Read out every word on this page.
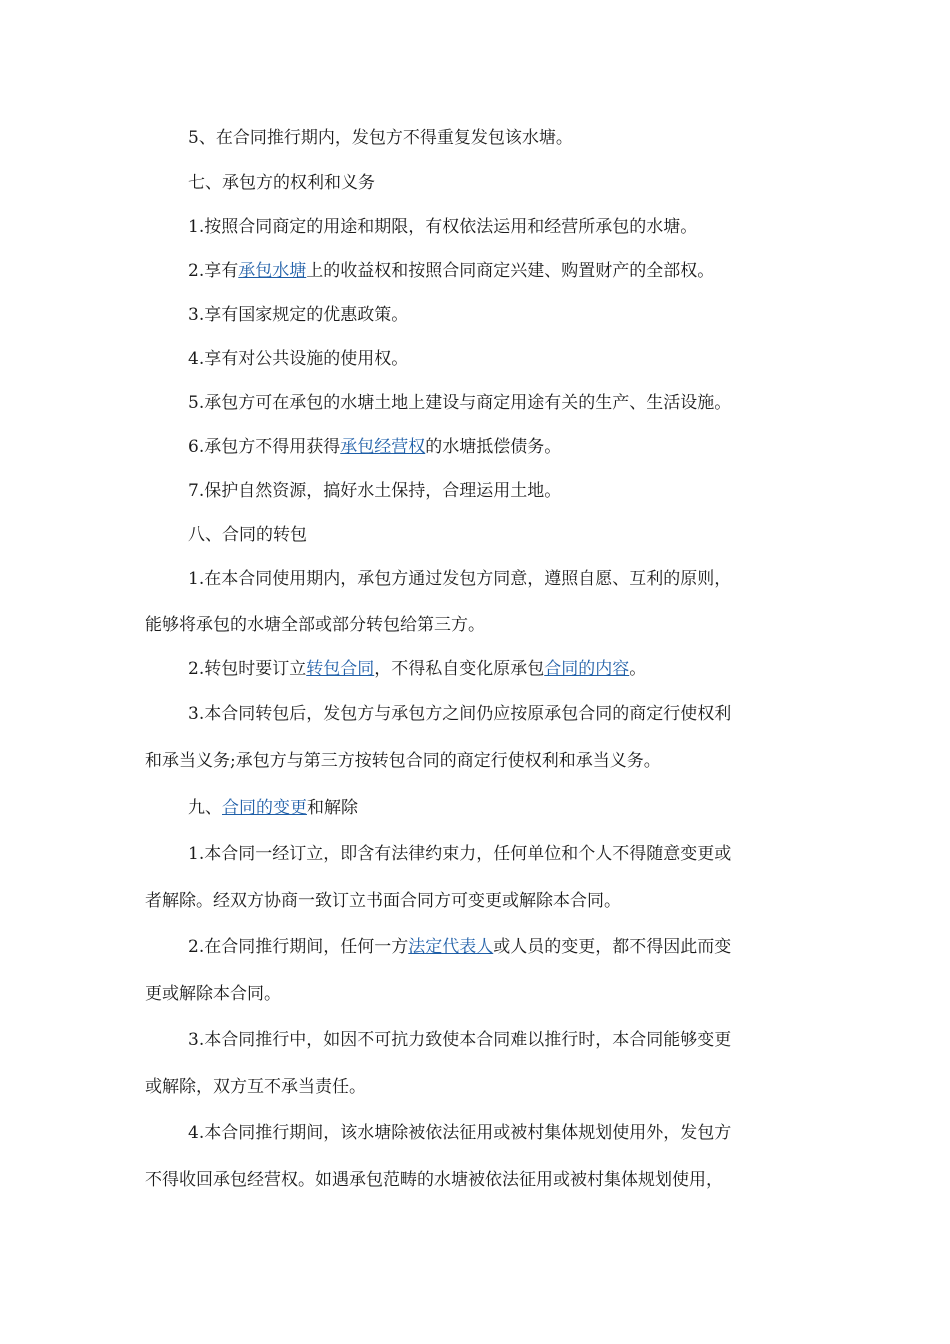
5、在合同推行期内，发包方不得重复发包该水塘。
七、承包方的权利和义务
1.按照合同商定的用途和期限，有权依法运用和经营所承包的水塘。
2.享有承包水塘上的收益权和按照合同商定兴建、购置财产的全部权。
3.享有国家规定的优惠政策。
4.享有对公共设施的使用权。
5.承包方可在承包的水塘土地上建设与商定用途有关的生产、生活设施。
6.承包方不得用获得承包经营权的水塘抵偿债务。
7.保护自然资源，搞好水土保持，合理运用土地。
八、合同的转包
1.在本合同使用期内，承包方通过发包方同意，遵照自愿、互利的原则，
能够将承包的水塘全部或部分转包给第三方。
2.转包时要订立转包合同，不得私自变化原承包合同的内容。
3.本合同转包后，发包方与承包方之间仍应按原承包合同的商定行使权利
和承当义务;承包方与第三方按转包合同的商定行使权利和承当义务。
九、合同的变更和解除
1.本合同一经订立，即含有法律约束力，任何单位和个人不得随意变更或
者解除。经双方协商一致订立书面合同方可变更或解除本合同。
2.在合同推行期间，任何一方法定代表人或人员的变更，都不得因此而变
更或解除本合同。
3.本合同推行中，如因不可抗力致使本合同难以推行时，本合同能够变更
或解除，双方互不承当责任。
4.本合同推行期间，该水塘除被依法征用或被村集体规划使用外，发包方
不得收回承包经营权。如遇承包范畴的水塘被依法征用或被村集体规划使用，
